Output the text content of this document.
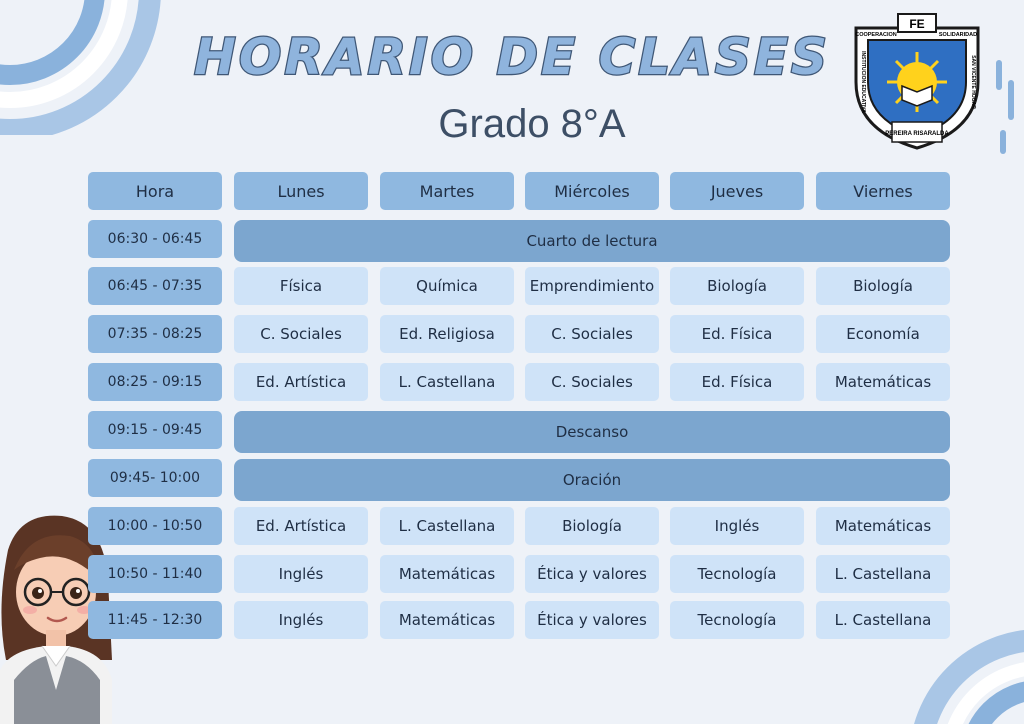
HORARIO DE CLASES
Grado 8°A
FE
COOPERACION	SOLIDARIDAD
INSTITUCION EDUCATIVA	SAN VICENTE HOGAR
PEREIRA RISARALDA
Hora	Lunes	Martes	Miércoles	Jueves	Viernes
06:30 - 06:45	Cuarto de lectura
06:45 - 07:35	Física	Química	Emprendimiento	Biología	Biología
07:35 - 08:25	C. Sociales	Ed. Religiosa	C. Sociales	Ed. Física	Economía
08:25 - 09:15	Ed. Artística	L. Castellana	C. Sociales	Ed. Física	Matemáticas
09:15 - 09:45	Descanso
09:45- 10:00	Oración
10:00 - 10:50	Ed. Artística	L. Castellana	Biología	Inglés	Matemáticas
10:50 - 11:40	Inglés	Matemáticas	Ética y valores	Tecnología	L. Castellana
11:45 - 12:30	Inglés	Matemáticas	Ética y valores	Tecnología	L. Castellana
